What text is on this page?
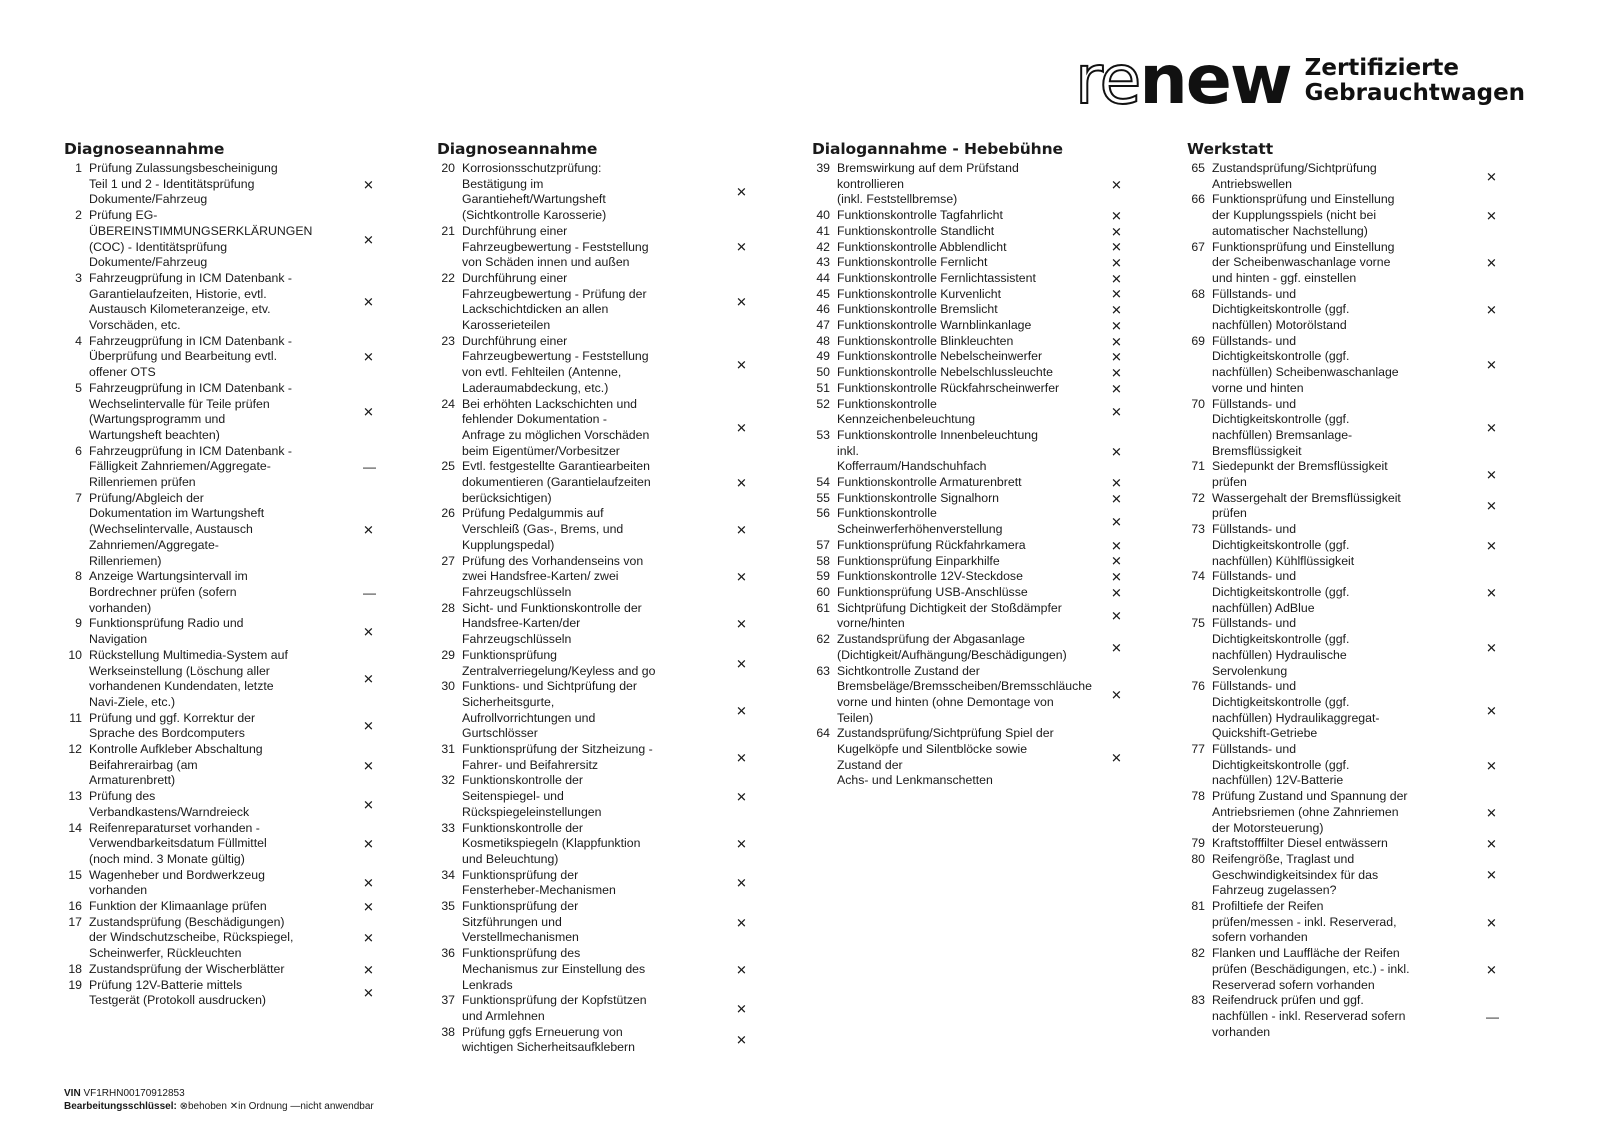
re new Zertifizierte
Gebrauchtwagen
Diagnoseannahme
1 Prüfung Zulassungsbescheinigung
Teil 1 und 2 - Identitätsprüfung
Dokumente/Fahrzeug
✕
2 Prüfung EG-
ÜBEREINSTIMMUNGSERKLÄRUNGEN
(COC) - Identitätsprüfung
Dokumente/Fahrzeug
✕
3 Fahrzeugprüfung in ICM Datenbank -
Garantielaufzeiten, Historie, evtl.
Austausch Kilometeranzeige, etv.
Vorschäden, etc.
✕
4 Fahrzeugprüfung in ICM Datenbank -
Überprüfung und Bearbeitung evtl.
offener OTS
✕
5 Fahrzeugprüfung in ICM Datenbank -
Wechselintervalle für Teile prüfen
(Wartungsprogramm und
Wartungsheft beachten)
✕
6 Fahrzeugprüfung in ICM Datenbank -
Fälligkeit Zahnriemen/Aggregate-
Rillenriemen prüfen
—
7 Prüfung/Abgleich der
Dokumentation im Wartungsheft
(Wechselintervalle, Austausch
Zahnriemen/Aggregate-
Rillenriemen)
✕
8 Anzeige Wartungsintervall im
Bordrechner prüfen (sofern
vorhanden)
—
9 Funktionsprüfung Radio und
Navigation	✕
10 Rückstellung Multimedia-System auf
Werkseinstellung (Löschung aller
vorhandenen Kundendaten, letzte
Navi-Ziele, etc.)
✕
11 Prüfung und ggf. Korrektur der
Sprache des Bordcomputers	✕
12 Kontrolle Aufkleber Abschaltung
Beifahrerairbag (am
Armaturenbrett)
✕
13 Prüfung des
Verbandkastens/Warndreieck	✕
14 Reifenreparaturset vorhanden -
Verwendbarkeitsdatum Füllmittel
(noch mind. 3 Monate gültig)
✕
15 Wagenheber und Bordwerkzeug
vorhanden	✕
16 Funktion der Klimaanlage prüfen	✕
17 Zustandsprüfung (Beschädigungen)
der Windschutzscheibe, Rückspiegel,
Scheinwerfer, Rückleuchten
✕
18 Zustandsprüfung der Wischerblätter	✕
19 Prüfung 12V-Batterie mittels
Testgerät (Protokoll ausdrucken)	✕
Diagnoseannahme
20 Korrosionsschutzprüfung:
Bestätigung im
Garantieheft/Wartungsheft
(Sichtkontrolle Karosserie)
✕
21 Durchführung einer
Fahrzeugbewertung - Feststellung
von Schäden innen und außen
✕
22 Durchführung einer
Fahrzeugbewertung - Prüfung der
Lackschichtdicken an allen
Karosserieteilen
✕
23 Durchführung einer
Fahrzeugbewertung - Feststellung
von evtl. Fehlteilen (Antenne,
Laderaumabdeckung, etc.)
✕
24 Bei erhöhten Lackschichten und
fehlender Dokumentation -
Anfrage zu möglichen Vorschäden
beim Eigentümer/Vorbesitzer
✕
25 Evtl. festgestellte Garantiearbeiten
dokumentieren (Garantielaufzeiten
berücksichtigen)
✕
26 Prüfung Pedalgummis auf
Verschleiß (Gas-, Brems, und
Kupplungspedal)
✕
27 Prüfung des Vorhandenseins von
zwei Handsfree-Karten/ zwei
Fahrzeugschlüsseln
✕
28 Sicht- und Funktionskontrolle der
Handsfree-Karten/der
Fahrzeugschlüsseln
✕
29 Funktionsprüfung
Zentralverriegelung/Keyless and go	✕
30 Funktions- und Sichtprüfung der
Sicherheitsgurte,
Aufrollvorrichtungen und
Gurtschlösser
✕
31 Funktionsprüfung der Sitzheizung -
Fahrer- und Beifahrersitz	✕
32 Funktionskontrolle der
Seitenspiegel- und
Rückspiegeleinstellungen
✕
33 Funktionskontrolle der
Kosmetikspiegeln (Klappfunktion
und Beleuchtung)
✕
34 Funktionsprüfung der
Fensterheber-Mechanismen	✕
35 Funktionsprüfung der
Sitzführungen und
Verstellmechanismen
✕
36 Funktionsprüfung des
Mechanismus zur Einstellung des
Lenkrads
✕
37 Funktionsprüfung der Kopfstützen
und Armlehnen	✕
38 Prüfung ggfs Erneuerung von
wichtigen Sicherheitsaufklebern	✕
Dialogannahme - Hebebühne
39 Bremswirkung auf dem Prüfstand kontrollieren
(inkl. Feststellbremse)
✕
40 Funktionskontrolle Tagfahrlicht	✕
41 Funktionskontrolle Standlicht	✕
42 Funktionskontrolle Abblendlicht	✕
43 Funktionskontrolle Fernlicht	✕
44 Funktionskontrolle Fernlichtassistent	✕
45 Funktionskontrolle Kurvenlicht	✕
46 Funktionskontrolle Bremslicht	✕
47 Funktionskontrolle Warnblinkanlage	✕
48 Funktionskontrolle Blinkleuchten	✕
49 Funktionskontrolle Nebelscheinwerfer	✕
50 Funktionskontrolle Nebelschlussleuchte	✕
51 Funktionskontrolle Rückfahrscheinwerfer	✕
52 Funktionskontrolle Kennzeichenbeleuchtung	✕
53 Funktionskontrolle Innenbeleuchtung inkl.
Kofferraum/Handschuhfach
✕
54 Funktionskontrolle Armaturenbrett	✕
55 Funktionskontrolle Signalhorn	✕
56 Funktionskontrolle
Scheinwerferhöhenverstellung	✕
57 Funktionsprüfung Rückfahrkamera	✕
58 Funktionsprüfung Einparkhilfe	✕
59 Funktionskontrolle 12V-Steckdose	✕
60 Funktionsprüfung USB-Anschlüsse	✕
61 Sichtprüfung Dichtigkeit der Stoßdämpfer
vorne/hinten	✕
62 Zustandsprüfung der Abgasanlage
(Dichtigkeit/Aufhängung/Beschädigungen)	✕
63 Sichtkontrolle Zustand der
Bremsbeläge/Bremsscheiben/Bremsschläuche
vorne und hinten (ohne Demontage von Teilen)
✕
64 Zustandsprüfung/Sichtprüfung Spiel der
Kugelköpfe und Silentblöcke sowie Zustand der
Achs- und Lenkmanschetten
✕
Werkstatt
65 Zustandsprüfung/Sichtprüfung
Antriebswellen	✕
66 Funktionsprüfung und Einstellung
der Kupplungsspiels (nicht bei
automatischer Nachstellung)
✕
67 Funktionsprüfung und Einstellung
der Scheibenwaschanlage vorne
und hinten - ggf. einstellen
✕
68 Füllstands- und
Dichtigkeitskontrolle (ggf.
nachfüllen) Motorölstand
✕
69 Füllstands- und
Dichtigkeitskontrolle (ggf.
nachfüllen) Scheibenwaschanlage
vorne und hinten
✕
70 Füllstands- und
Dichtigkeitskontrolle (ggf.
nachfüllen) Bremsanlage-
Bremsflüssigkeit
✕
71 Siedepunkt der Bremsflüssigkeit
prüfen	✕
72 Wassergehalt der Bremsflüssigkeit
prüfen	✕
73 Füllstands- und
Dichtigkeitskontrolle (ggf.
nachfüllen) Kühlflüssigkeit
✕
74 Füllstands- und
Dichtigkeitskontrolle (ggf.
nachfüllen) AdBlue
✕
75 Füllstands- und
Dichtigkeitskontrolle (ggf.
nachfüllen) Hydraulische
Servolenkung
✕
76 Füllstands- und
Dichtigkeitskontrolle (ggf.
nachfüllen) Hydraulikaggregat-
Quickshift-Getriebe
✕
77 Füllstands- und
Dichtigkeitskontrolle (ggf.
nachfüllen) 12V-Batterie
✕
78 Prüfung Zustand und Spannung der
Antriebsriemen (ohne Zahnriemen
der Motorsteuerung)
✕
79 Kraftstofffilter Diesel entwässern	✕
80 Reifengröße, Traglast und
Geschwindigkeitsindex für das
Fahrzeug zugelassen?
✕
81 Profiltiefe der Reifen
prüfen/messen - inkl. Reserverad,
sofern vorhanden
✕
82 Flanken und Lauffläche der Reifen
prüfen (Beschädigungen, etc.) - inkl.
Reserverad sofern vorhanden
✕
83 Reifendruck prüfen und ggf.
nachfüllen - inkl. Reserverad sofern
vorhanden
—
VIN VF1RHN00170912853
Bearbeitungsschlüssel: ⊗behoben ✕in Ordnung —nicht anwendbar
